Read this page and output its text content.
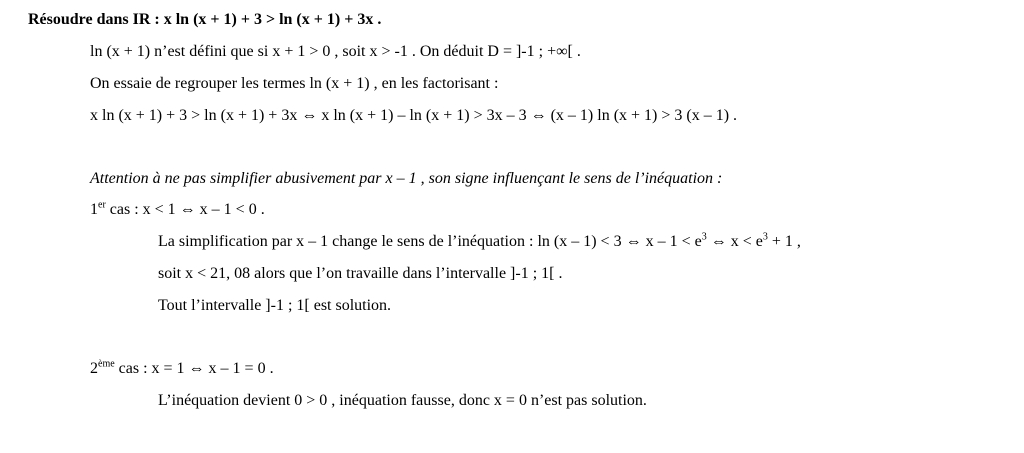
Résoudre dans IR : x ln (x + 1) + 3 > ln (x + 1) + 3x .
ln (x + 1) n’est défini que si x + 1 > 0 , soit x > -1 . On déduit D = ]-1 ; +∞[ .
On essaie de regrouper les termes ln (x + 1) , en les factorisant :
x ln (x + 1) + 3 > ln (x + 1) + 3x ⇔ x ln (x + 1) – ln (x + 1) > 3x – 3 ⇔ (x – 1) ln (x + 1) > 3 (x – 1) .
Attention à ne pas simplifier abusivement par x – 1 , son signe influençant le sens de l’inéquation :
1er cas : x < 1 ⇔ x – 1 < 0 .
La simplification par x – 1 change le sens de l’inéquation : ln (x – 1) < 3 ⇔ $x - 1 < e^3$ ⇔ $x < e^3 + 1$ ,
soit x < 21, 08 alors que l’on travaille dans l’intervalle ]-1 ; 1[ .
Tout l’intervalle ]-1 ; 1[ est solution.
2ème cas : x = 1 ⇔ x – 1 = 0 .
L’inéquation devient 0 > 0 , inéquation fausse, donc x = 0 n’est pas solution.
